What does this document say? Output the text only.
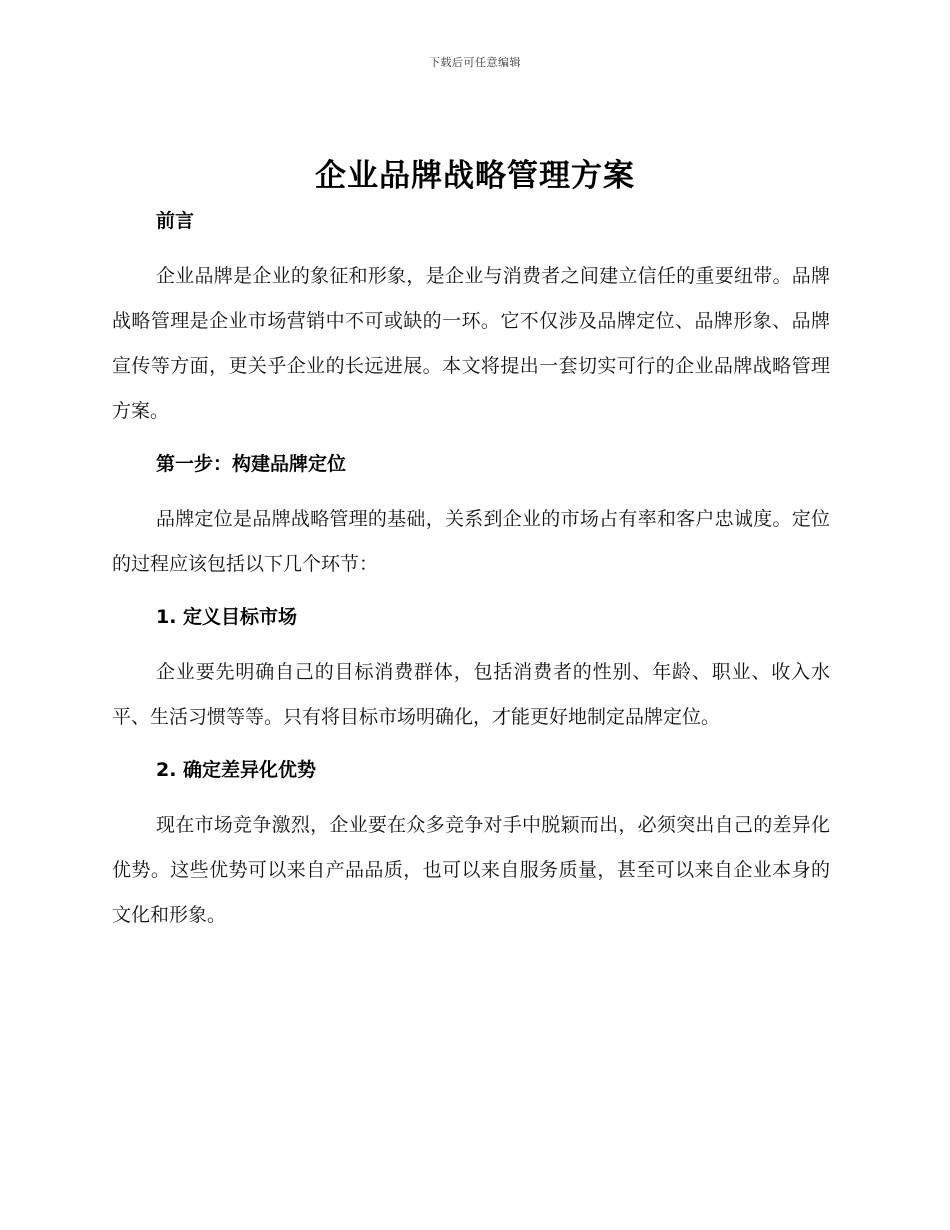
下载后可任意编辑
企业品牌战略管理方案
前言

企业品牌是企业的象征和形象，是企业与消费者之间建立信任的重要纽带。品牌战略管理是企业市场营销中不可或缺的一环。它不仅涉及品牌定位、品牌形象、品牌宣传等方面，更关乎企业的长远进展。本文将提出一套切实可行的企业品牌战略管理方案。

第一步：构建品牌定位

品牌定位是品牌战略管理的基础，关系到企业的市场占有率和客户忠诚度。定位的过程应该包括以下几个环节：

1. 定义目标市场

企业要先明确自己的目标消费群体，包括消费者的性别、年龄、职业、收入水平、生活习惯等等。只有将目标市场明确化，才能更好地制定品牌定位。

2. 确定差异化优势

现在市场竞争激烈，企业要在众多竞争对手中脱颖而出，必须突出自己的差异化优势。这些优势可以来自产品品质，也可以来自服务质量，甚至可以来自企业本身的文化和形象。
